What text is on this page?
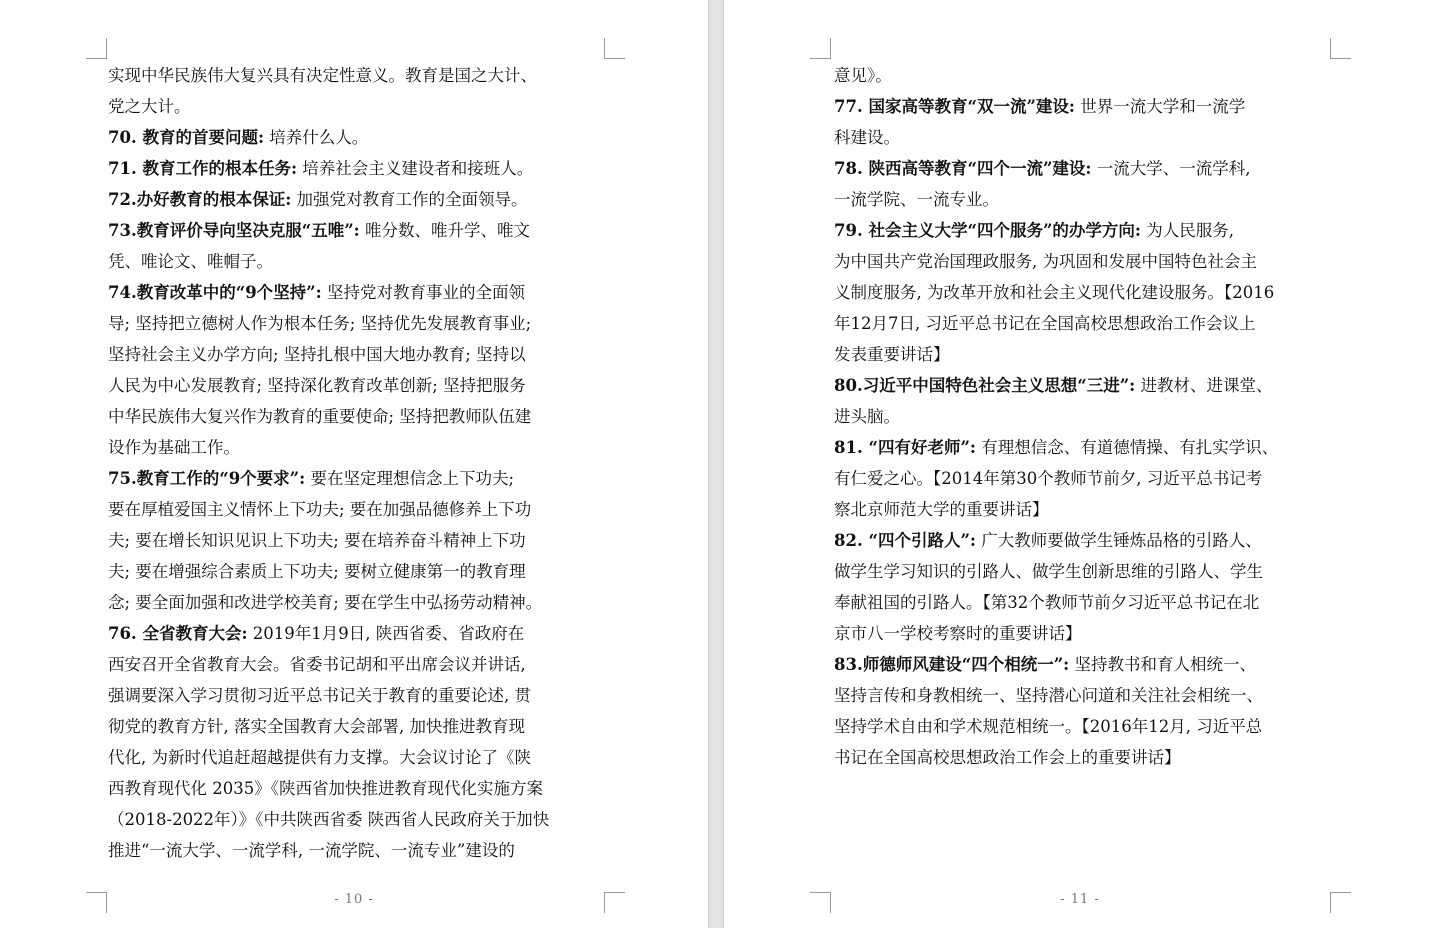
实现中华民族伟大复兴具有决定性意义。教育是国之大计、
党之大计。
70. 教育的首要问题: 培养什么人。
71. 教育工作的根本任务: 培养社会主义建设者和接班人。
72.办好教育的根本保证: 加强党对教育工作的全面领导。
73.教育评价导向坚决克服“五唯”: 唯分数、唯升学、唯文
凭、唯论文、唯帽子。
74.教育改革中的“9个坚持”: 坚持党对教育事业的全面领
导; 坚持把立德树人作为根本任务; 坚持优先发展教育事业;
坚持社会主义办学方向; 坚持扎根中国大地办教育; 坚持以
人民为中心发展教育; 坚持深化教育改革创新; 坚持把服务
中华民族伟大复兴作为教育的重要使命; 坚持把教师队伍建
设作为基础工作。
75.教育工作的“9个要求”: 要在坚定理想信念上下功夫;
要在厚植爱国主义情怀上下功夫; 要在加强品德修养上下功
夫; 要在增长知识见识上下功夫; 要在培养奋斗精神上下功
夫; 要在增强综合素质上下功夫; 要树立健康第一的教育理
念; 要全面加强和改进学校美育; 要在学生中弘扬劳动精神。
76. 全省教育大会: 2019年1月9日, 陕西省委、省政府在
西安召开全省教育大会。省委书记胡和平出席会议并讲话,
强调要深入学习贯彻习近平总书记关于教育的重要论述, 贯
彻党的教育方针, 落实全国教育大会部署, 加快推进教育现
代化, 为新时代追赶超越提供有力支撑。大会议讨论了《陕
西教育现代化 2035》《陕西省加快推进教育现代化实施方案
（2018-2022年）》《中共陕西省委 陕西省人民政府关于加快
推进“一流大学、一流学科, 一流学院、一流专业”建设的
- 10 -
意见》。
77. 国家高等教育“双一流”建设: 世界一流大学和一流学
科建设。
78. 陕西高等教育“四个一流”建设: 一流大学、一流学科,
一流学院、一流专业。
79. 社会主义大学“四个服务”的办学方向: 为人民服务,
为中国共产党治国理政服务, 为巩固和发展中国特色社会主
义制度服务, 为改革开放和社会主义现代化建设服务。【2016
年12月7日, 习近平总书记在全国高校思想政治工作会议上
发表重要讲话】
80.习近平中国特色社会主义思想“三进”: 进教材、进课堂、
进头脑。
81. “四有好老师”: 有理想信念、有道德情操、有扎实学识、
有仁爱之心。【2014年第30个教师节前夕, 习近平总书记考
察北京师范大学的重要讲话】
82. “四个引路人”: 广大教师要做学生锤炼品格的引路人、
做学生学习知识的引路人、做学生创新思维的引路人、学生
奉献祖国的引路人。【第32个教师节前夕习近平总书记在北
京市八一学校考察时的重要讲话】
83.师德师风建设“四个相统一”: 坚持教书和育人相统一、
坚持言传和身教相统一、坚持潜心问道和关注社会相统一、
坚持学术自由和学术规范相统一。【2016年12月, 习近平总
书记在全国高校思想政治工作会上的重要讲话】
- 11 -
